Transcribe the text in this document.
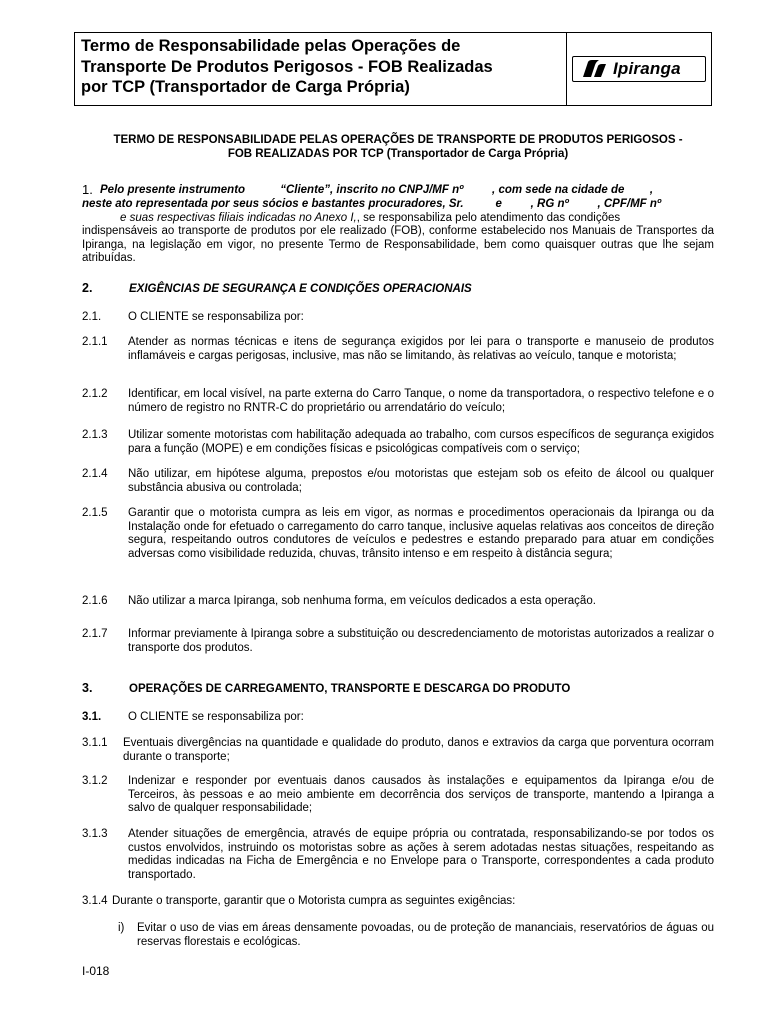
Termo de Responsabilidade pelas Operações de
Transporte De Produtos Perigosos - FOB Realizadas
por TCP (Transportador de Carga Própria)
Ipiranga
TERMO DE RESPONSABILIDADE PELAS OPERAÇÕES DE TRANSPORTE DE PRODUTOS PERIGOSOS -
FOB REALIZADAS POR TCP (Transportador de Carga Própria)
1. Pelo presente instrumento           “Cliente”, inscrito no CNPJ/MF nº         , com sede na cidade de        ,
neste ato representada por seus sócios e bastantes procuradores, Sr.          e         , RG nº         , CPF/MF nº
e suas respectivas filiais indicadas no Anexo I,, se responsabiliza pelo atendimento das condições
indispensáveis ao transporte de produtos por ele realizado (FOB), conforme estabelecido nos Manuais de Transportes da Ipiranga, na legislação em vigor, no presente Termo de Responsabilidade, bem como quaisquer outras que lhe sejam atribuídas.
2.	EXIGÊNCIAS DE SEGURANÇA E CONDIÇÕES OPERACIONAIS
2.1. O CLIENTE se responsabiliza por:
2.1.1 Atender as normas técnicas e itens de segurança exigidos por lei para o transporte e manuseio de produtos inflamáveis e cargas perigosas, inclusive, mas não se limitando, às relativas ao veículo, tanque e motorista;
2.1.2 Identificar, em local visível, na parte externa do Carro Tanque, o nome da transportadora, o respectivo telefone e o número de registro no RNTR-C do proprietário ou arrendatário do veículo;
2.1.3 Utilizar somente motoristas com habilitação adequada ao trabalho, com cursos específicos de segurança exigidos para a função (MOPE) e em condições físicas e psicológicas compatíveis com o serviço;
2.1.4 Não utilizar, em hipótese alguma, prepostos e/ou motoristas que estejam sob os efeito de álcool ou qualquer substância abusiva ou controlada;
2.1.5 Garantir que o motorista cumpra as leis em vigor, as normas e procedimentos operacionais da Ipiranga ou da Instalação onde for efetuado o carregamento do carro tanque, inclusive aquelas relativas aos conceitos de direção segura, respeitando outros condutores de veículos e pedestres e estando preparado para atuar em condições adversas como visibilidade reduzida, chuvas, trânsito intenso e em respeito à distância segura;
2.1.6 Não utilizar a marca Ipiranga, sob nenhuma forma, em veículos dedicados a esta operação.
2.1.7 Informar previamente à Ipiranga sobre a substituição ou descredenciamento de motoristas autorizados a realizar o transporte dos produtos.
3.	OPERAÇÕES DE CARREGAMENTO, TRANSPORTE E DESCARGA DO PRODUTO
3.1. O CLIENTE se responsabiliza por:
3.1.1 Eventuais divergências na quantidade e qualidade do produto, danos e extravios da carga que porventura ocorram durante o transporte;
3.1.2 Indenizar e responder por eventuais danos causados às instalações e equipamentos da Ipiranga e/ou de Terceiros, às pessoas e ao meio ambiente em decorrência dos serviços de transporte, mantendo a Ipiranga a salvo de qualquer responsabilidade;
3.1.3 Atender situações de emergência, através de equipe própria ou contratada, responsabilizando-se por todos os custos envolvidos, instruindo os motoristas sobre as ações à serem adotadas nestas situações, respeitando as medidas indicadas na Ficha de Emergência e no Envelope para o Transporte, correspondentes a cada produto transportado.
3.1.4 Durante o transporte, garantir que o Motorista cumpra as seguintes exigências:
i) Evitar o uso de vias em áreas densamente povoadas, ou de proteção de mananciais, reservatórios de águas ou reservas florestais e ecológicas.
I-018
